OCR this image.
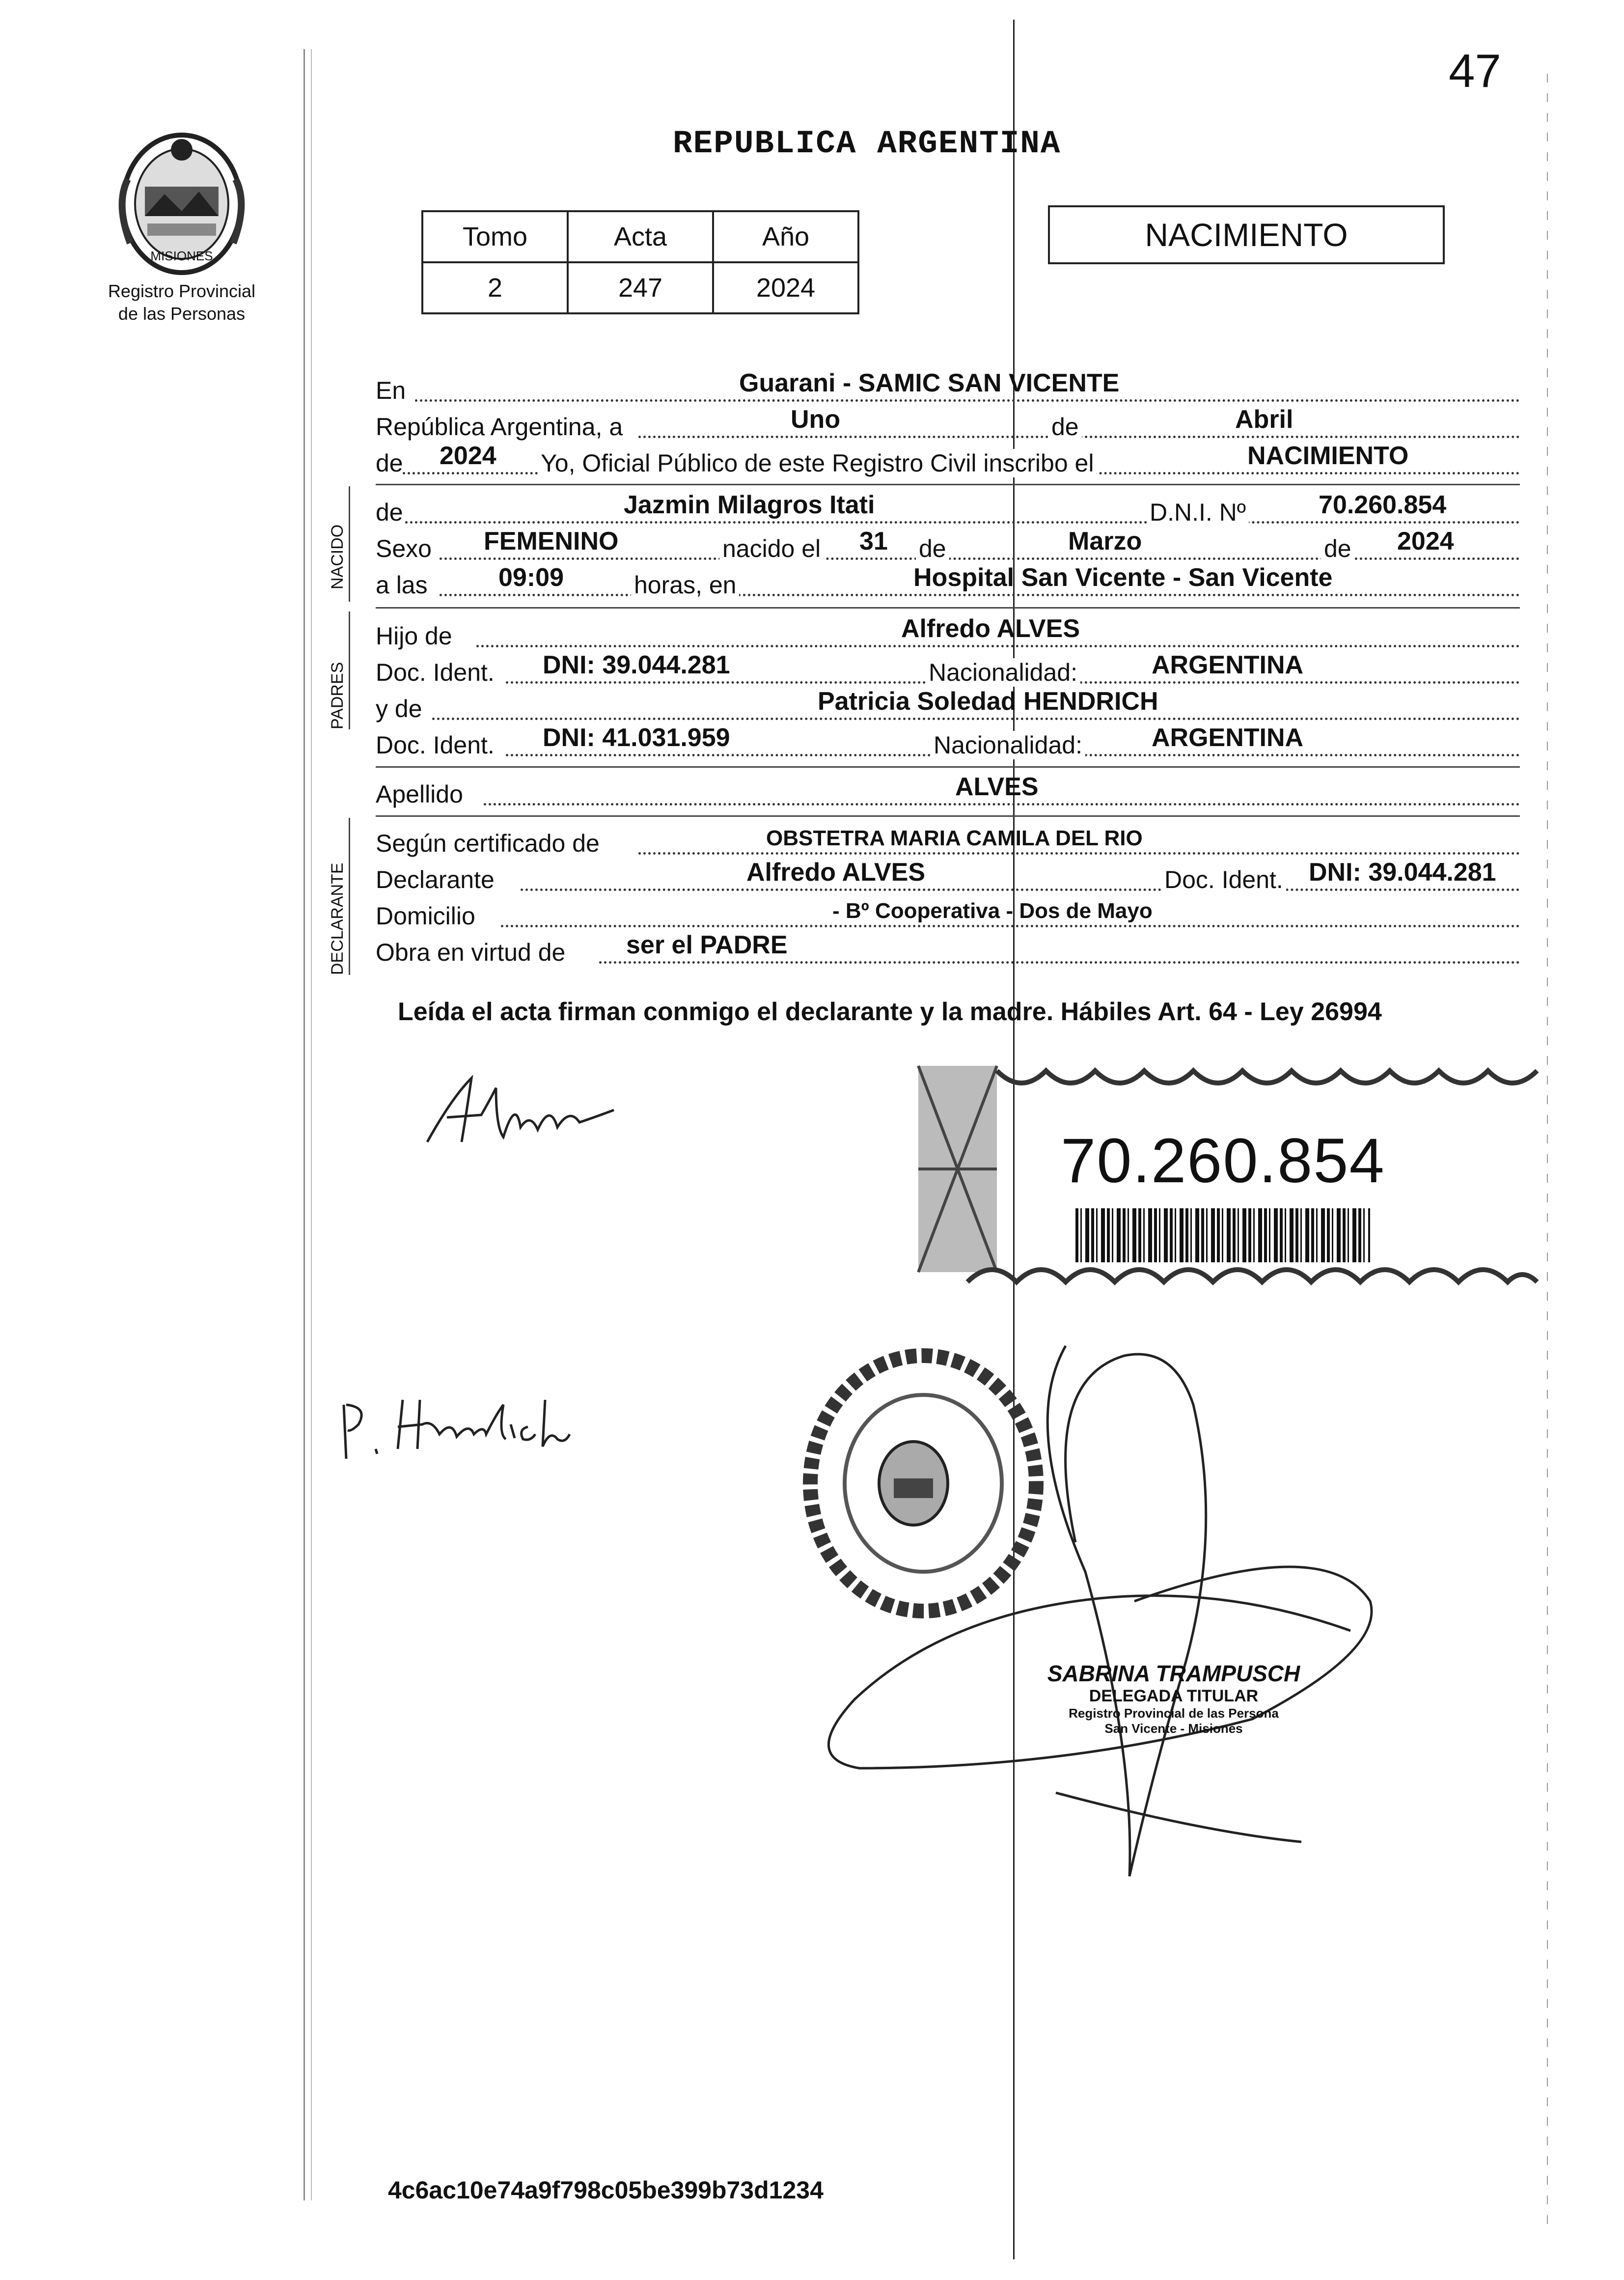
47
MISIONES
Registro Provincial
de las Personas
REPUBLICA ARGENTINA
Tomo	Acta	Año
2	247	2024
NACIMIENTO
En	Guarani - SAMIC SAN VICENTE
República Argentina, a	Uno	de	Abril
de 2024 Yo, Oficial Público de este Registro Civil inscribo el	NACIMIENTO
de	Jazmin Milagros Itati	D.N.I. Nº	70.260.854
Sexo FEMENINO	nacido el 31 de	Marzo	de 2024
a las	09:09	horas, en	Hospital San Vicente - San Vicente
Hijo de	Alfredo ALVES
Doc. Ident. DNI: 39.044.281	Nacionalidad:	ARGENTINA
y de	Patricia Soledad HENDRICH
Doc. Ident. DNI: 41.031.959	Nacionalidad:	ARGENTINA
Apellido	ALVES
Según certificado de	OBSTETRA MARIA CAMILA DEL RIO
Declarante	Alfredo ALVES	Doc. Ident. DNI: 39.044.281
Domicilio	- Bº Cooperativa - Dos de Mayo
Obra en virtud de ser el PADRE
NACIDO
PADRES
DECLARANTE
Leída el acta firman conmigo el declarante y la madre. Hábiles Art. 64 - Ley 26994
70.260.854
SABRINA TRAMPUSCH
DELEGADA TITULAR
Registro Provincial de las Persona
San Vicente - Misiones
4c6ac10e74a9f798c05be399b73d1234
